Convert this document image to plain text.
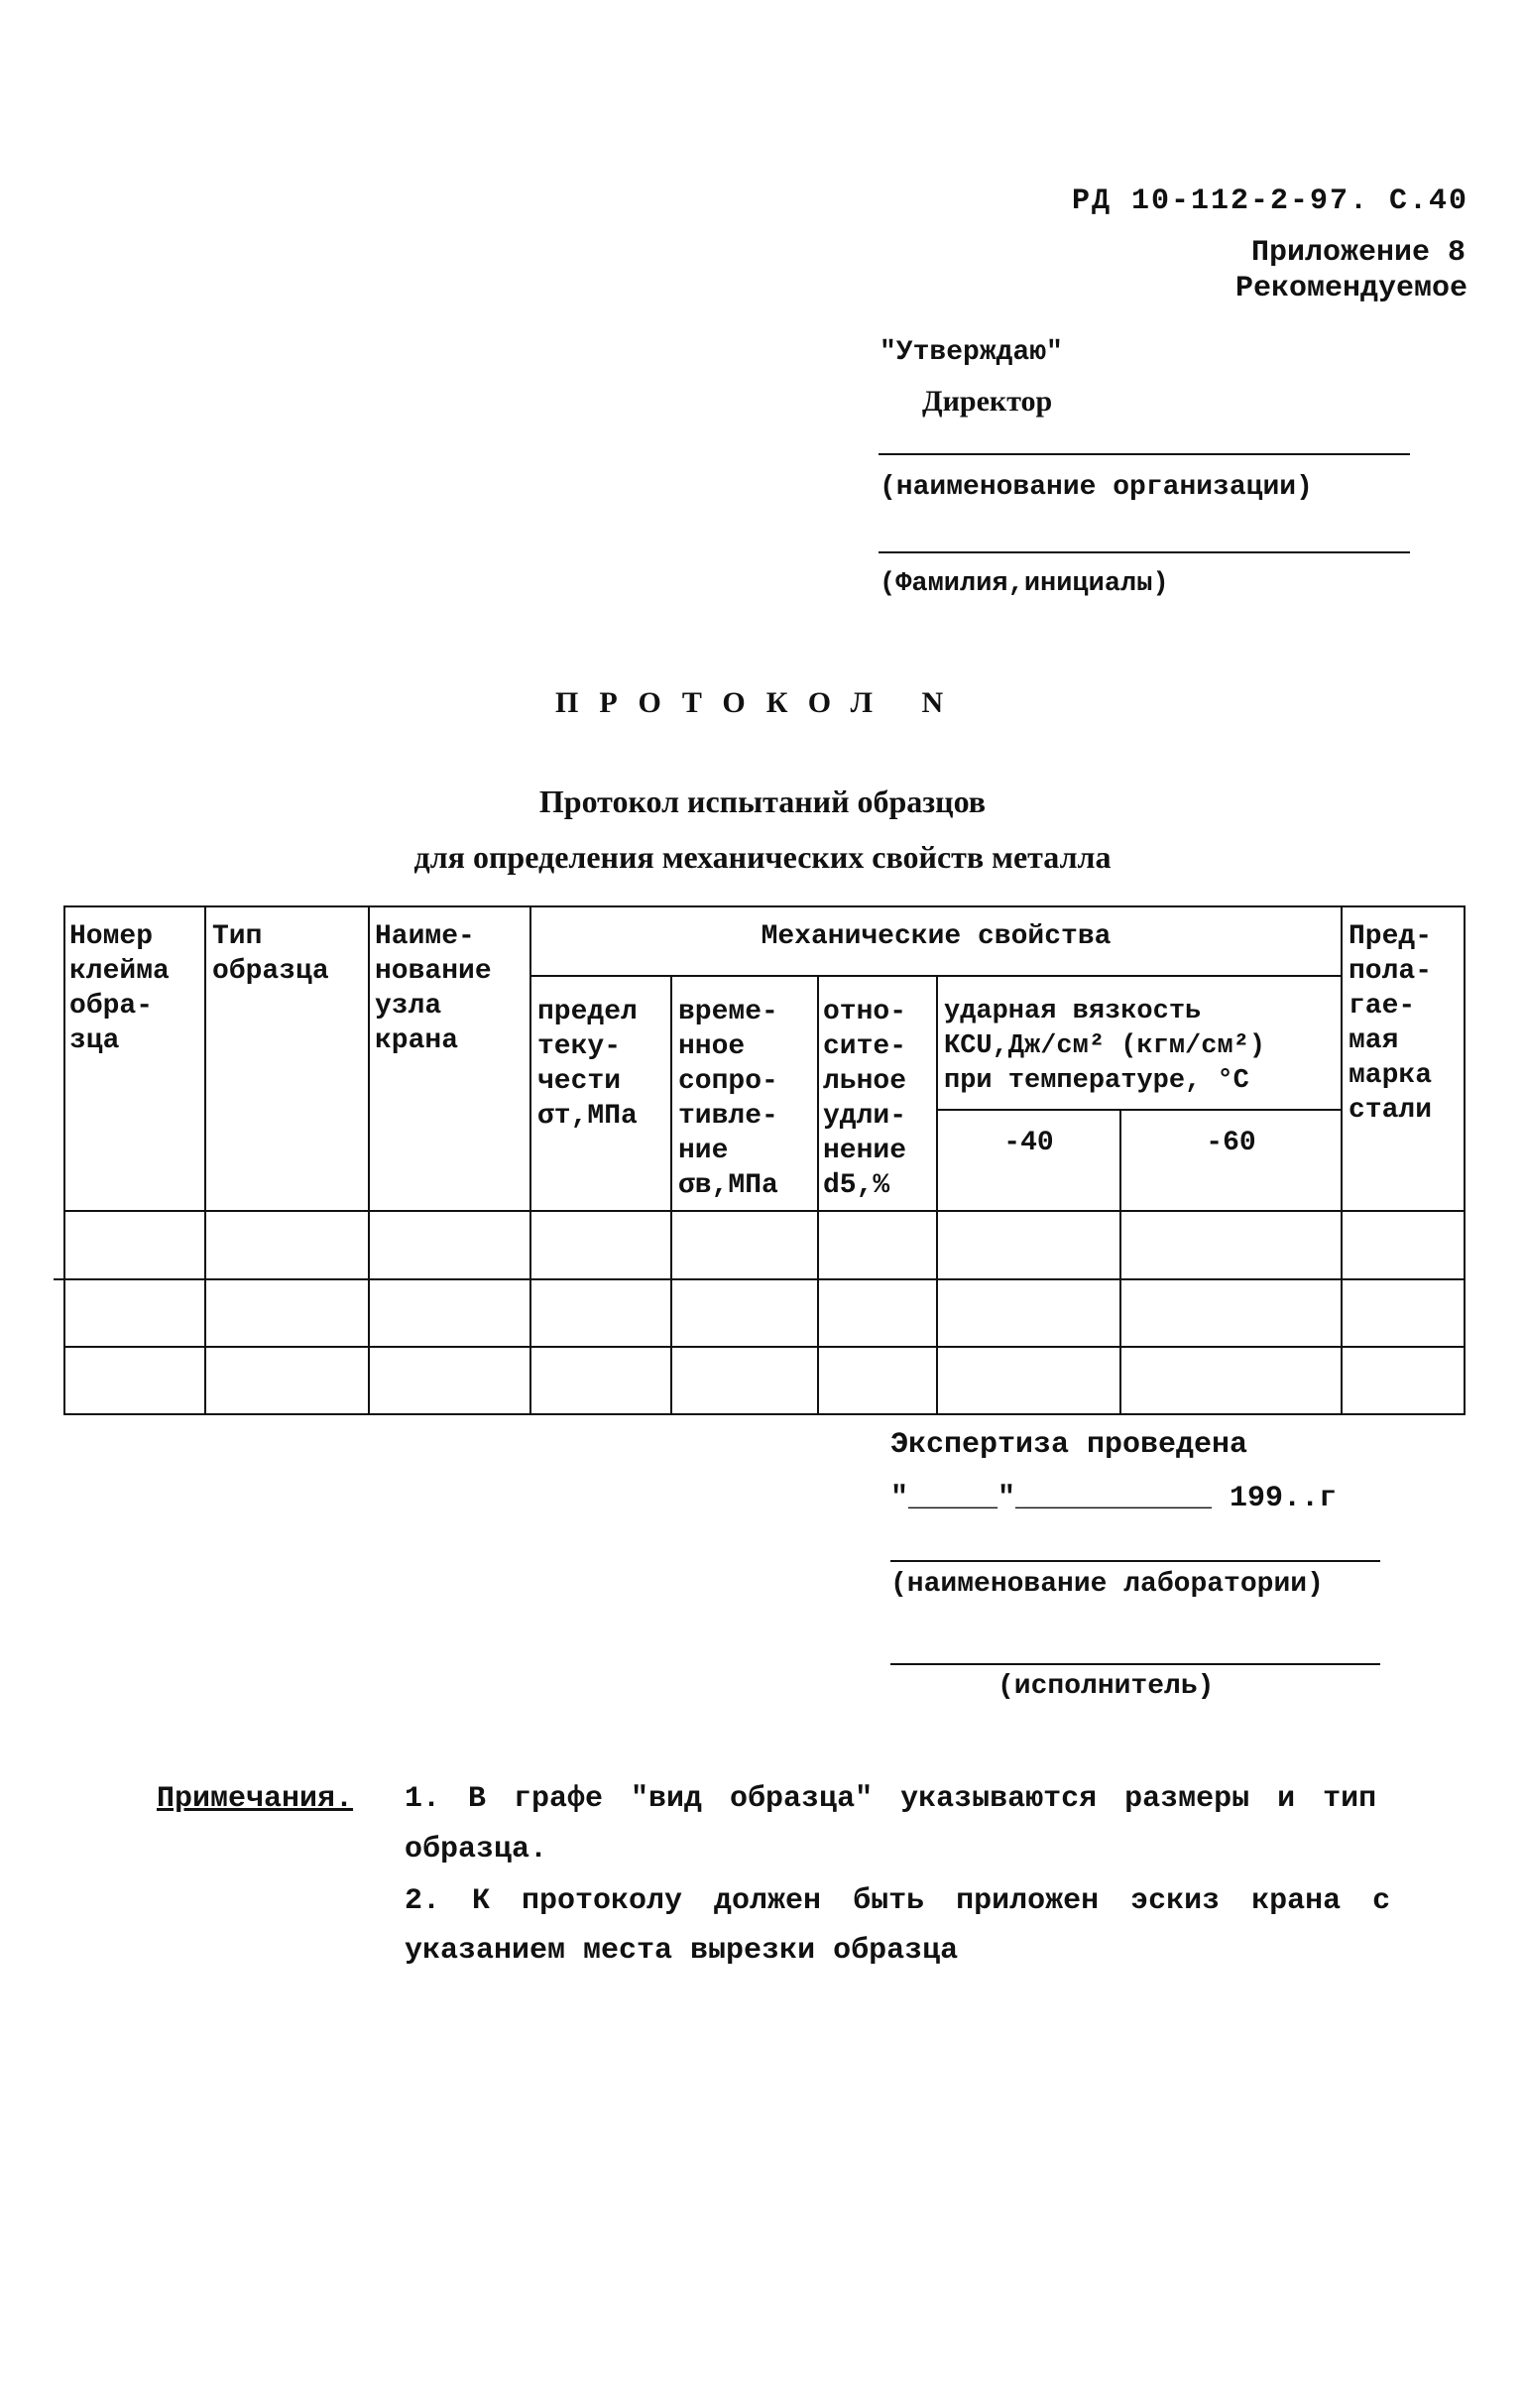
РД 10-112-2-97. С.40
Приложение 8
Рекомендуемое
"Утверждаю"
Директор
(наименование организации)
(Фамилия,инициалы)
ПРОТОКОЛ N
Протокол испытаний образцов
для определения механических свойств металла
Номер
клейма
обра-
зца
Тип
образца
Наиме-
нование
узла
крана
Механические свойства
предел
теку-
чести
σт,МПа
време-
нное
сопро-
тивле-
ние
σв,МПа
отно-
сите-
льное
удли-
нение
d5,%
ударная вязкость
КСU,Дж/см² (кгм/см²)
при температуре, °С
-40	-60
Пред-
пола-
гае-
мая
марка
стали
Экспертиза проведена
"_____"___________ 199..г
(наименование лаборатории)
(исполнитель)
Примечания. 1. В графе "вид образца" указываются размеры и тип
образца.
2. К протоколу должен быть приложен эскиз крана с
указанием места вырезки образца
